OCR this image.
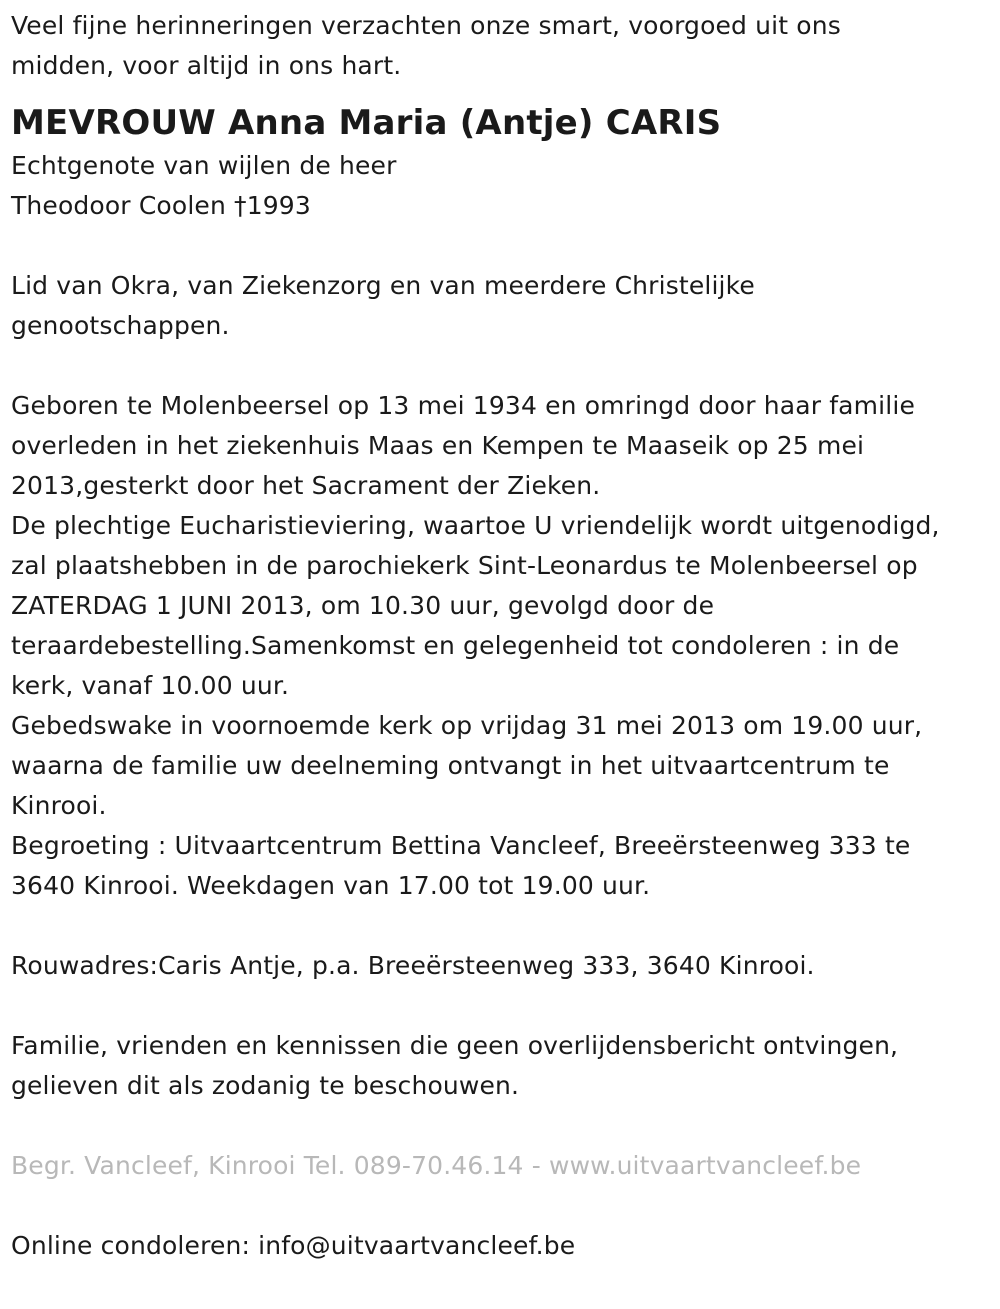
Veel fijne herinneringen verzachten onze smart, voorgoed uit ons
midden, voor altijd in ons hart.
MEVROUW Anna Maria (Antje) CARIS
Echtgenote van wijlen de heer
Theodoor Coolen †1993
Lid van Okra, van Ziekenzorg en van meerdere Christelijke
genootschappen.
Geboren te Molenbeersel op 13 mei 1934 en omringd door haar familie
overleden in het ziekenhuis Maas en Kempen te Maaseik op 25 mei
2013,gesterkt door het Sacrament der Zieken.
De plechtige Eucharistieviering, waartoe U vriendelijk wordt uitgenodigd,
zal plaatshebben in de parochiekerk Sint-Leonardus te Molenbeersel op
ZATERDAG 1 JUNI 2013, om 10.30 uur, gevolgd door de
teraardebestelling.Samenkomst en gelegenheid tot condoleren : in de
kerk, vanaf 10.00 uur.
Gebedswake in voornoemde kerk op vrijdag 31 mei 2013 om 19.00 uur,
waarna de familie uw deelneming ontvangt in het uitvaartcentrum te
Kinrooi.
Begroeting : Uitvaartcentrum Bettina Vancleef, Breeërsteenweg 333 te
3640 Kinrooi. Weekdagen van 17.00 tot 19.00 uur.
Rouwadres:Caris Antje, p.a. Breeërsteenweg 333, 3640 Kinrooi.
Familie, vrienden en kennissen die geen overlijdensbericht ontvingen,
gelieven dit als zodanig te beschouwen.
Begr. Vancleef, Kinrooi Tel. 089-70.46.14 - www.uitvaartvancleef.be
Online condoleren: info@uitvaartvancleef.be
